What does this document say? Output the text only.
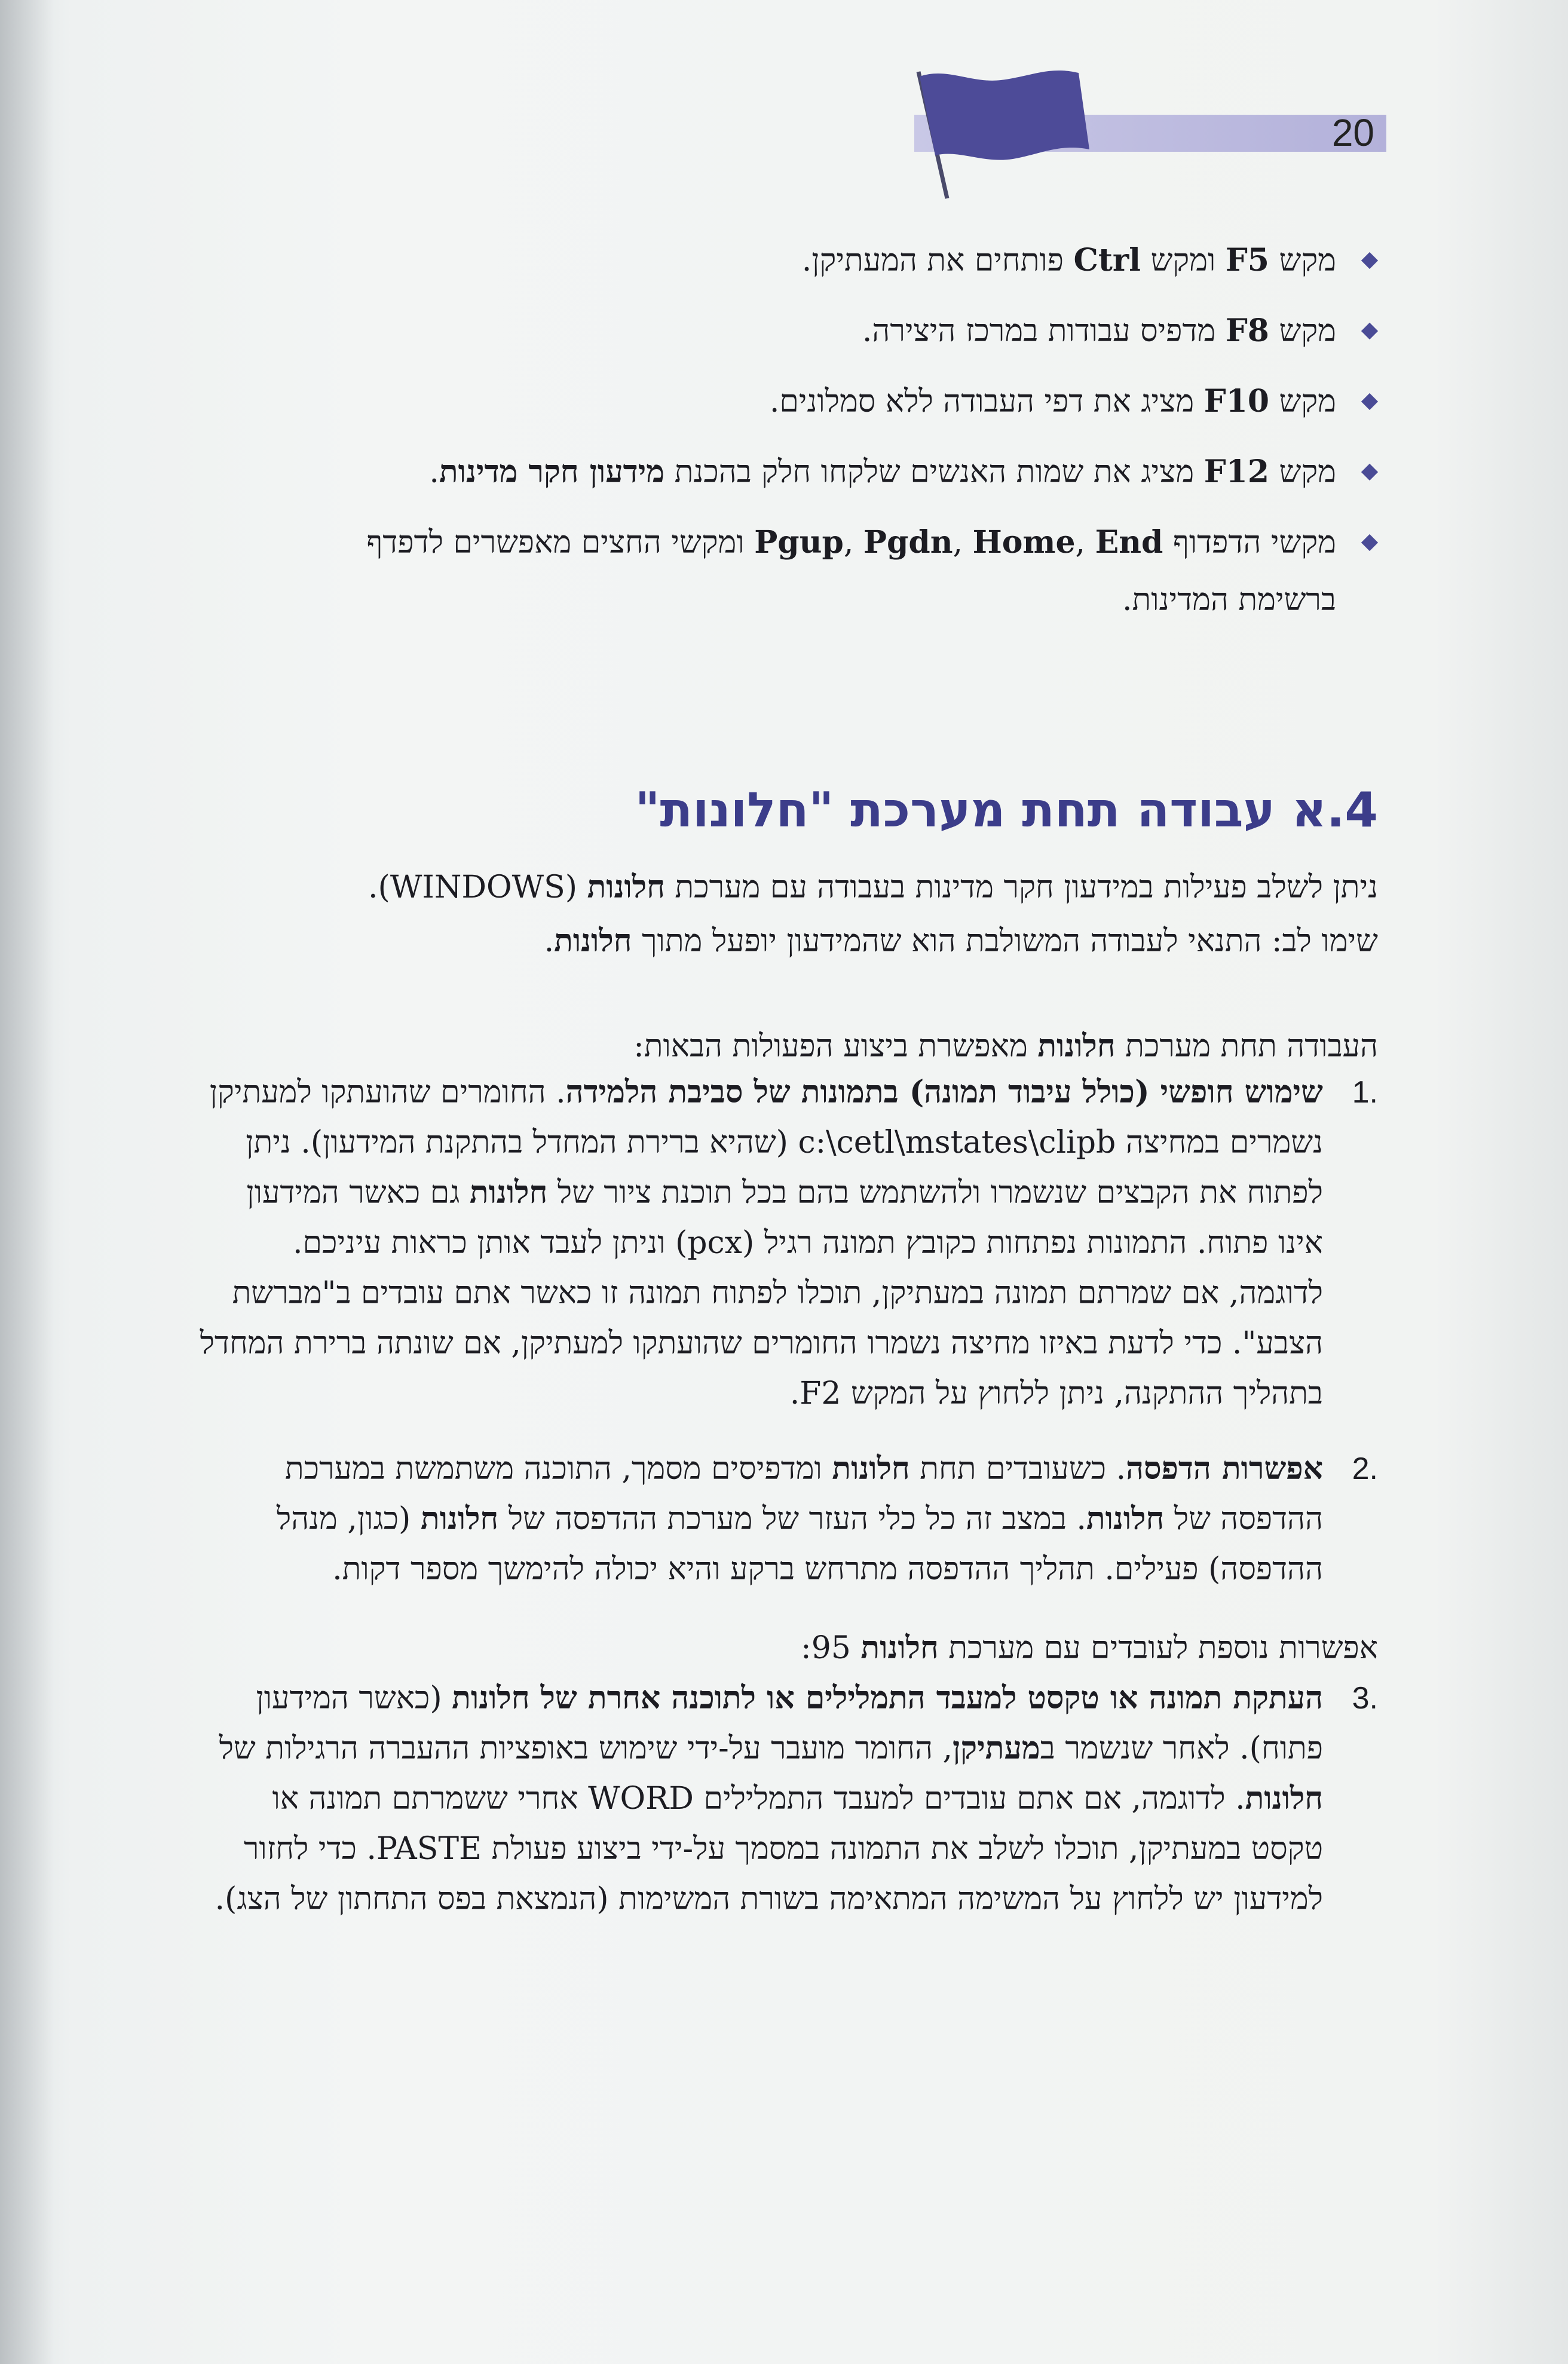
20
מקש F5 ומקש Ctrl פותחים את המעתיקן.
מקש F8 מדפיס עבודות במרכז היצירה.
מקש F10 מציג את דפי העבודה ללא סמלונים.
מקש F12 מציג את שמות האנשים שלקחו חלק בהכנת מידעון חקר מדינות.
מקשי הדפדוף Pgup, Pgdn, Home, End ומקשי החצים מאפשרים לדפדף
ברשימת המדינות.
4.א עבודה תחת מערכת "חלונות"
ניתן לשלב פעילות במידעון חקר מדינות בעבודה עם מערכת חלונות (WINDOWS).
שימו לב: התנאי לעבודה המשולבת הוא שהמידעון יופעל מתוך חלונות.
העבודה תחת מערכת חלונות מאפשרת ביצוע הפעולות הבאות:
.1
שימוש חופשי (כולל עיבוד תמונה) בתמונות של סביבת הלמידה. החומרים שהועתקו למעתיקן נשמרים במחיצה c:\cetl\mstates\clipb (שהיא ברירת המחדל בהתקנת המידעון). ניתן לפתוח את הקבצים שנשמרו ולהשתמש בהם בכל תוכנת ציור של חלונות גם כאשר המידעון אינו פתוח. התמונות נפתחות כקובץ תמונה רגיל (pcx) וניתן לעבד אותן כראות עיניכם. לדוגמה, אם שמרתם תמונה במעתיקן, תוכלו לפתוח תמונה זו כאשר אתם עובדים ב"מברשת הצבע". כדי לדעת באיזו מחיצה נשמרו החומרים שהועתקו למעתיקן, אם שונתה ברירת המחדל בתהליך ההתקנה, ניתן ללחוץ על המקש F2.
.2
אפשרות הדפסה. כשעובדים תחת חלונות ומדפיסים מסמך, התוכנה משתמשת במערכת ההדפסה של חלונות. במצב זה כל כלי העזר של מערכת ההדפסה של חלונות (כגון, מנהל ההדפסה) פעילים. תהליך ההדפסה מתרחש ברקע והיא יכולה להימשך מספר דקות.
אפשרות נוספת לעובדים עם מערכת חלונות 95:
.3
העתקת תמונה או טקסט למעבד התמלילים או לתוכנה אחרת של חלונות (כאשר המידעון פתוח). לאחר שנשמר במעתיקן, החומר מועבר על-ידי שימוש באופציות ההעברה הרגילות של חלונות. לדוגמה, אם אתם עובדים למעבד התמלילים WORD אחרי ששמרתם תמונה או טקסט במעתיקן, תוכלו לשלב את התמונה במסמך על-ידי ביצוע פעולת PASTE. כדי לחזור למידעון יש ללחוץ על המשימה המתאימה בשורת המשימות (הנמצאת בפס התחתון של הצג).
